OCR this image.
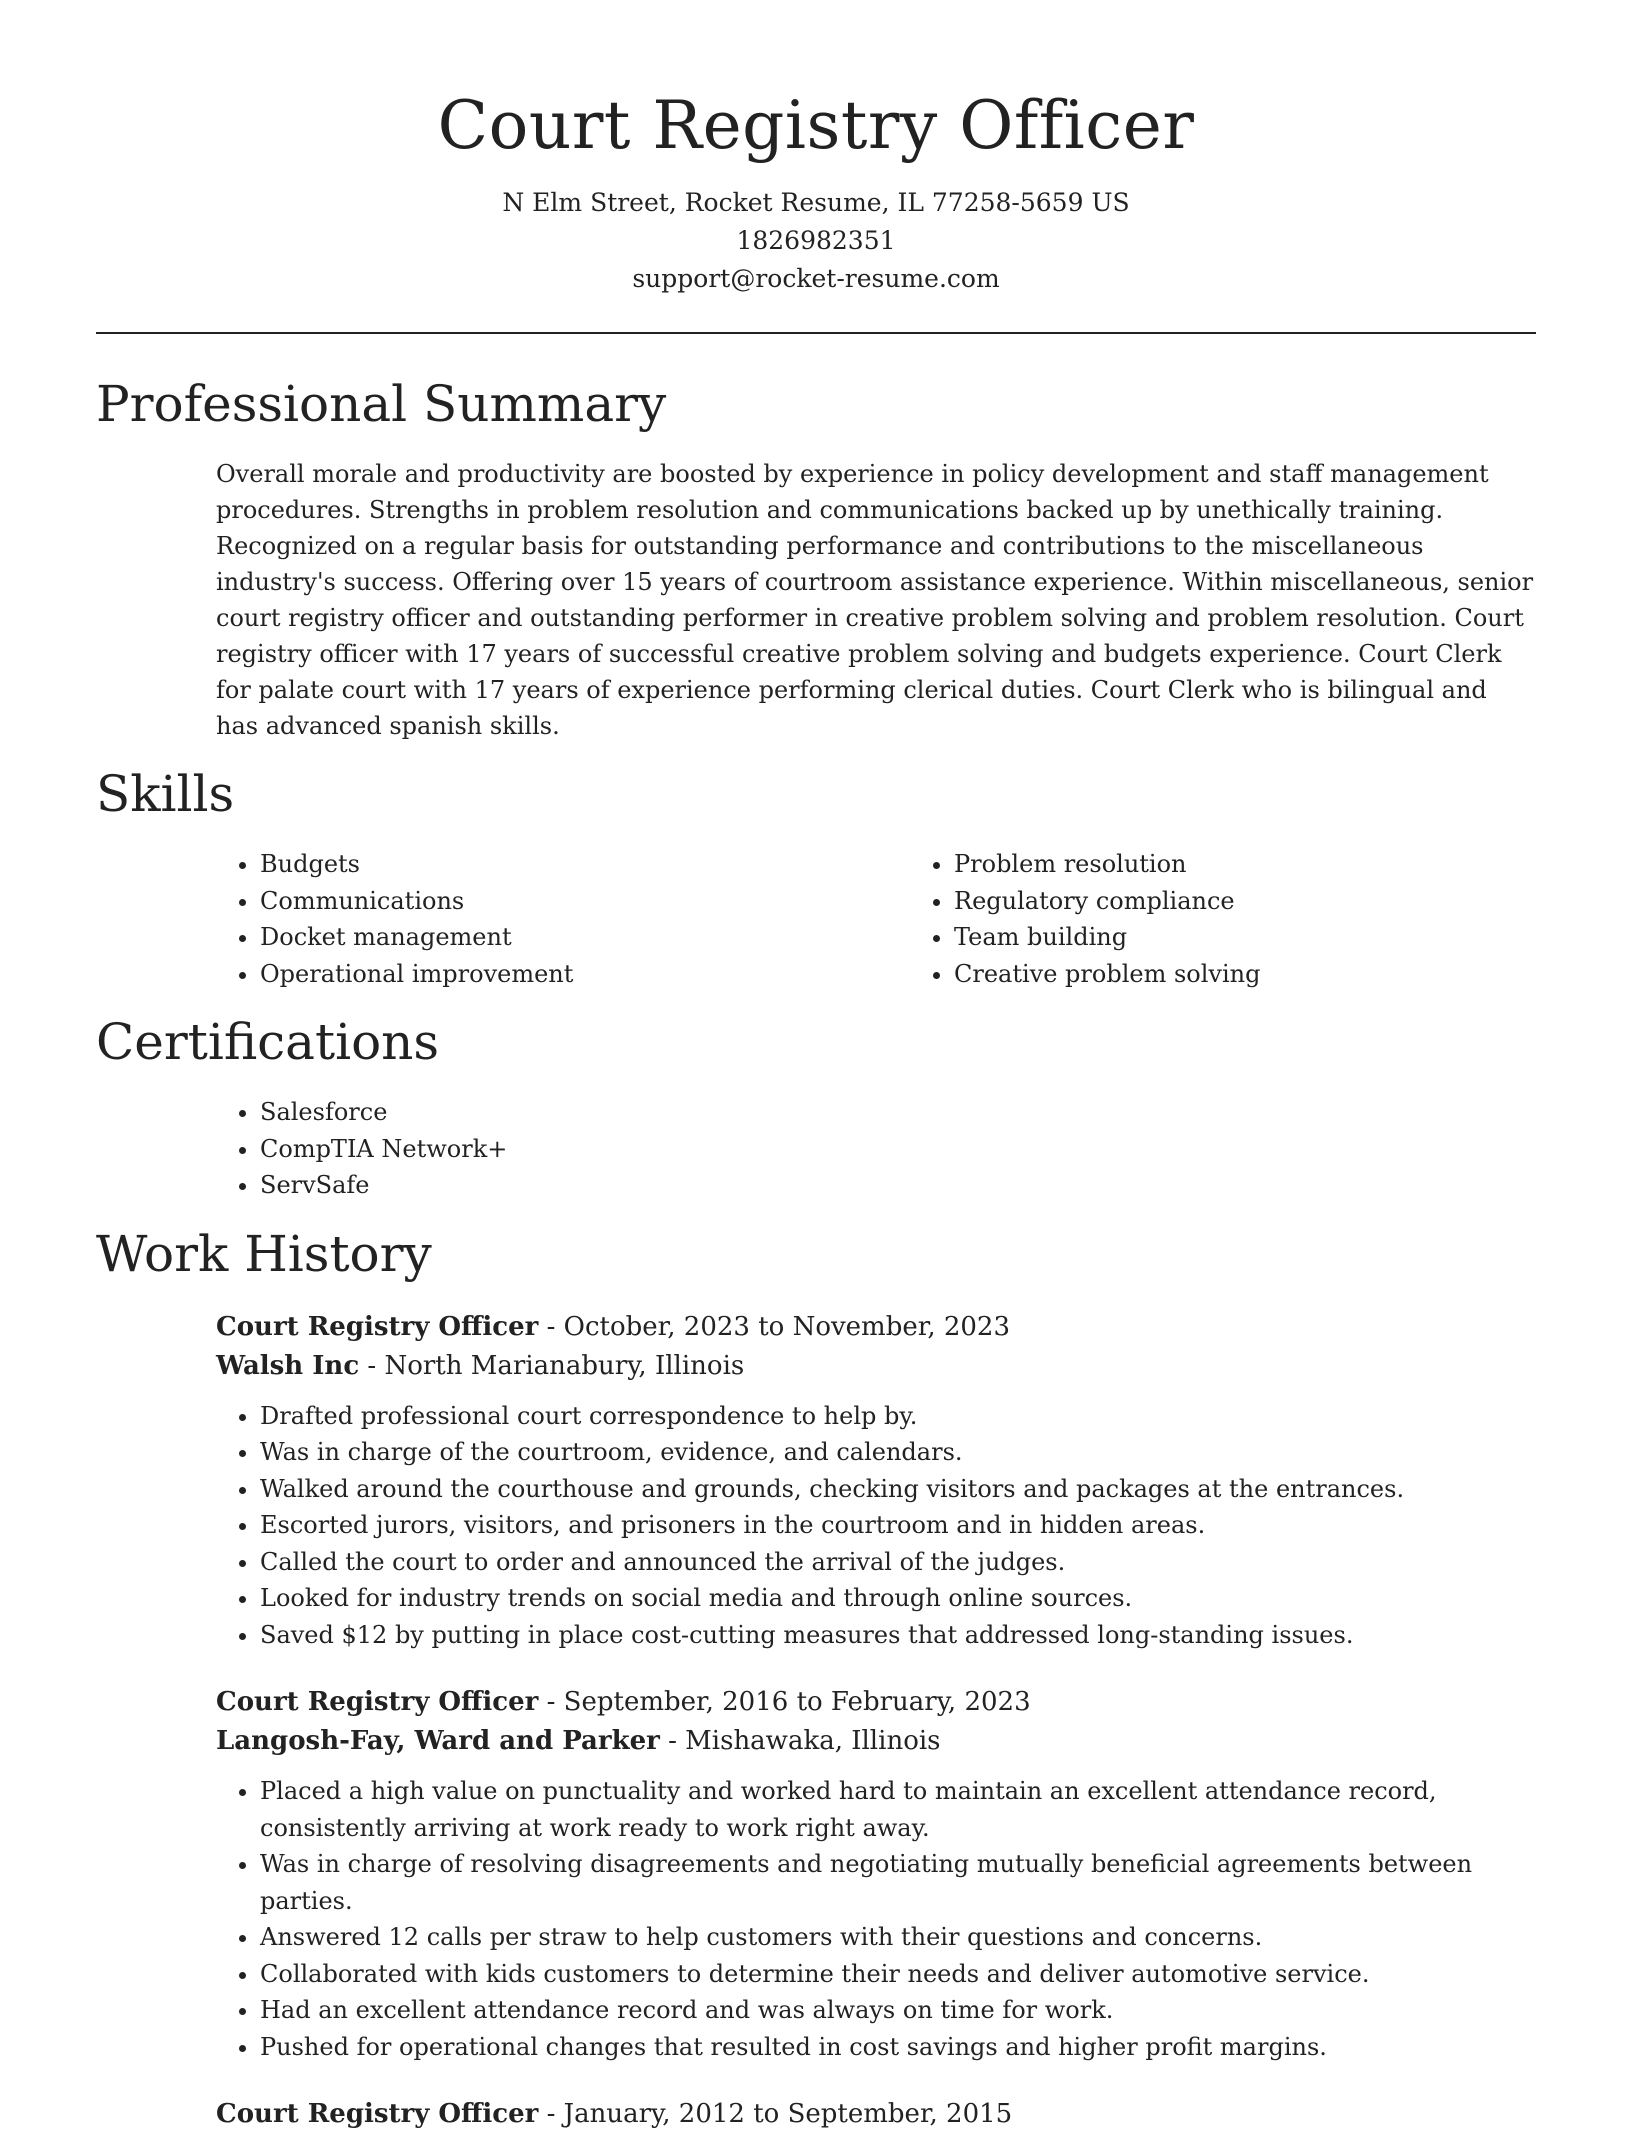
Court Registry Officer
N Elm Street, Rocket Resume, IL 77258-5659 US
1826982351
support@rocket-resume.com
Professional Summary
Overall morale and productivity are boosted by experience in policy development and staff management procedures. Strengths in problem resolution and communications backed up by unethically training. Recognized on a regular basis for outstanding performance and contributions to the miscellaneous industry's success. Offering over 15 years of courtroom assistance experience. Within miscellaneous, senior court registry officer and outstanding performer in creative problem solving and problem resolution. Court registry officer with 17 years of successful creative problem solving and budgets experience. Court Clerk for palate court with 17 years of experience performing clerical duties. Court Clerk who is bilingual and has advanced spanish skills.
Skills
• Budgets
• Communications
• Docket management
• Operational improvement
• Problem resolution
• Regulatory compliance
• Team building
• Creative problem solving
Certifications
• Salesforce
• CompTIA Network+
• ServSafe
Work History
Court Registry Officer - October, 2023 to November, 2023
Walsh Inc - North Marianabury, Illinois
• Drafted professional court correspondence to help by.
• Was in charge of the courtroom, evidence, and calendars.
• Walked around the courthouse and grounds, checking visitors and packages at the entrances.
• Escorted jurors, visitors, and prisoners in the courtroom and in hidden areas.
• Called the court to order and announced the arrival of the judges.
• Looked for industry trends on social media and through online sources.
• Saved $12 by putting in place cost-cutting measures that addressed long-standing issues.
Court Registry Officer - September, 2016 to February, 2023
Langosh-Fay, Ward and Parker - Mishawaka, Illinois
• Placed a high value on punctuality and worked hard to maintain an excellent attendance record, consistently arriving at work ready to work right away.
• Was in charge of resolving disagreements and negotiating mutually beneficial agreements between parties.
• Answered 12 calls per straw to help customers with their questions and concerns.
• Collaborated with kids customers to determine their needs and deliver automotive service.
• Had an excellent attendance record and was always on time for work.
• Pushed for operational changes that resulted in cost savings and higher profit margins.
Court Registry Officer - January, 2012 to September, 2015
